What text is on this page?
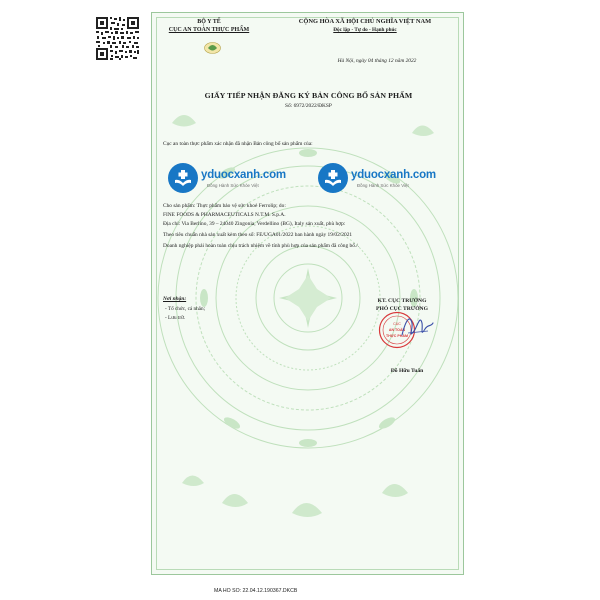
BỘ Y TẾ
CỤC AN TOÀN THỰC PHẨM
CỘNG HÒA XÃ HỘI CHỦ NGHĨA VIỆT NAM
Độc lập - Tự do - Hạnh phúc
Hà Nội, ngày 04 tháng 12 năm 2022
GIẤY TIẾP NHẬN ĐĂNG KÝ BẢN CÔNG BỐ SẢN PHẨM
Số: 6972/2022/ĐKSP
Cục an toàn thực phẩm xác nhận đã nhận Bản công bố sản phẩm của:
yduocxanh.com
Đồng Hành Sức Khỏe Việt
yduocxanh.com
Đồng Hành Sức Khỏe Việt
Cho sản phẩm: Thực phẩm bảo vệ sức khoẻ Ferrolip; do:
FINE FOODS & PHARMACEUTICALS N.T.M. S.p.A.
Địa chỉ: Via Berlino, 39 – 24040 Zingonia, Verdellino (BG), Italy sản xuất, phù hợp:
Theo tiêu chuẩn nhà sản xuất kèm theo số: FE/UGA01/2022 ban hành ngày 19/02/2021
Doanh nghiệp phải hoàn toàn chịu trách nhiệm về tính phù hợp của sản phẩm đã công bố./.
Nơi nhận:
- Tổ chức, cá nhân;
- Lưu trữ.
KT. CỤC TRƯỞNG
PHÓ CỤC TRƯỞNG
CỤC
AN TOÀN
THỰC PHẨM
Đỗ Hữu Tuấn
MA HO SO: 22.04.12.190367.DKCB
